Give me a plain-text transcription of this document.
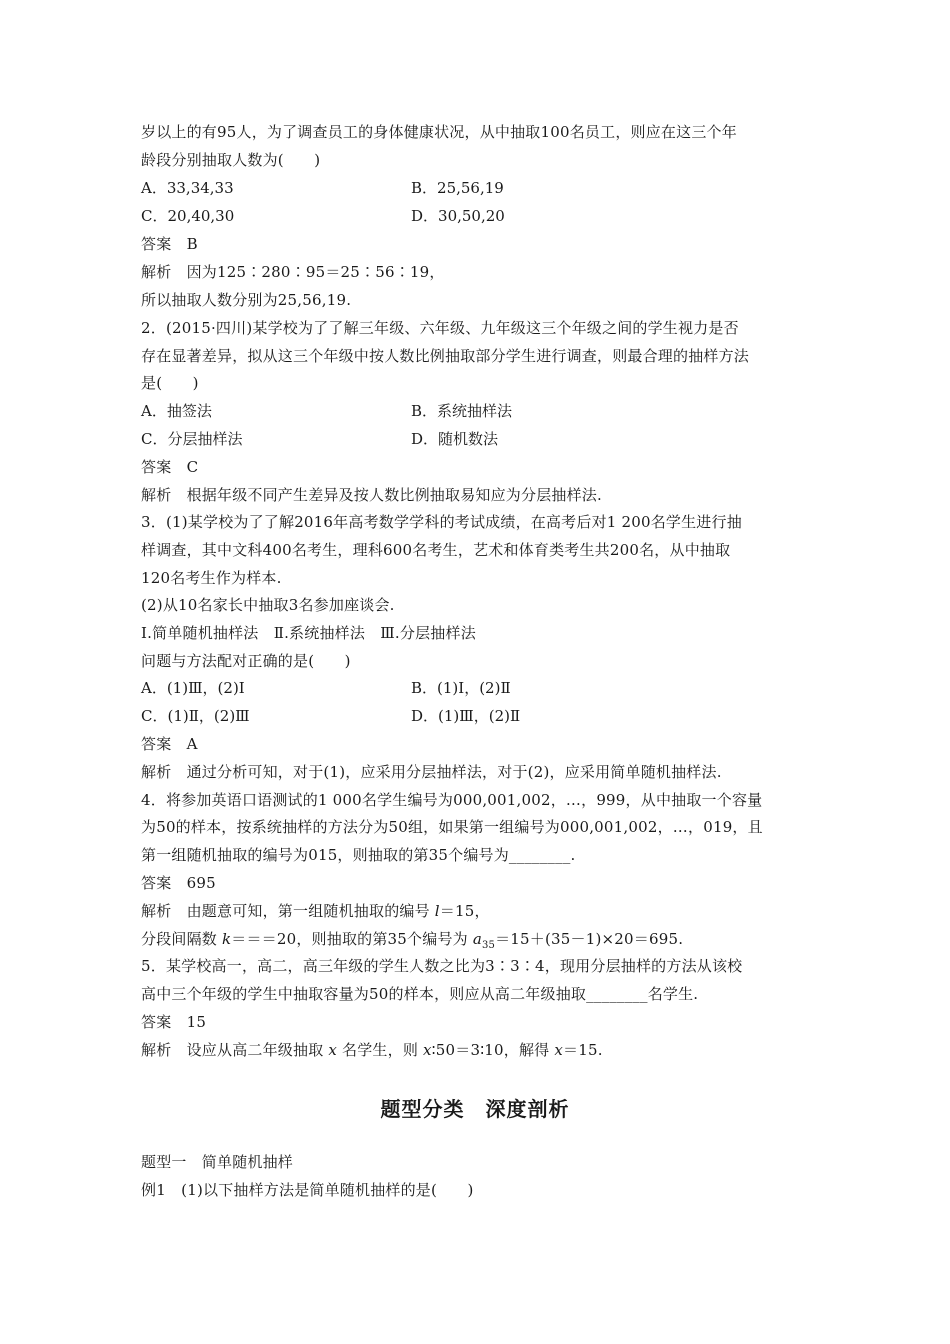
岁以上的有95人，为了调查员工的身体健康状况，从中抽取100名员工，则应在这三个年
龄段分别抽取人数为(　　)
A．33,34,33	B．25,56,19
C．20,40,30	D．30,50,20
答案　B
解析　因为125∶280∶95＝25∶56∶19，
所以抽取人数分别为25,56,19.
2．(2015·四川)某学校为了了解三年级、六年级、九年级这三个年级之间的学生视力是否
存在显著差异，拟从这三个年级中按人数比例抽取部分学生进行调查，则最合理的抽样方法
是(　　)
A．抽签法	B．系统抽样法
C．分层抽样法	D．随机数法
答案　C
解析　根据年级不同产生差异及按人数比例抽取易知应为分层抽样法.
3．(1)某学校为了了解2016年高考数学学科的考试成绩，在高考后对1 200名学生进行抽
样调查，其中文科400名考生，理科600名考生，艺术和体育类考生共200名，从中抽取
120名考生作为样本.
(2)从10名家长中抽取3名参加座谈会.
Ⅰ.简单随机抽样法　Ⅱ.系统抽样法　Ⅲ.分层抽样法
问题与方法配对正确的是(　　)
A．(1)Ⅲ，(2)Ⅰ	B．(1)Ⅰ，(2)Ⅱ
C．(1)Ⅱ，(2)Ⅲ	D．(1)Ⅲ，(2)Ⅱ
答案　A
解析　通过分析可知，对于(1)，应采用分层抽样法，对于(2)，应采用简单随机抽样法.
4．将参加英语口语测试的1 000名学生编号为000,001,002，…，999，从中抽取一个容量
为50的样本，按系统抽样的方法分为50组，如果第一组编号为000,001,002，…，019，且
第一组随机抽取的编号为015，则抽取的第35个编号为________.
答案　695
解析　由题意可知，第一组随机抽取的编号 l＝15，
分段间隔数 k＝＝＝20，则抽取的第35个编号为 $a_{35}=15+(35-1)\times 20=695$.
5．某学校高一，高二，高三年级的学生人数之比为3∶3∶4，现用分层抽样的方法从该校
高中三个年级的学生中抽取容量为50的样本，则应从高二年级抽取________名学生.
答案　15
解析　设应从高二年级抽取 x 名学生，则 x∶50＝3∶10，解得 x＝15.
题型分类　深度剖析
题型一　简单随机抽样
例1　(1)以下抽样方法是简单随机抽样的是(　　)
